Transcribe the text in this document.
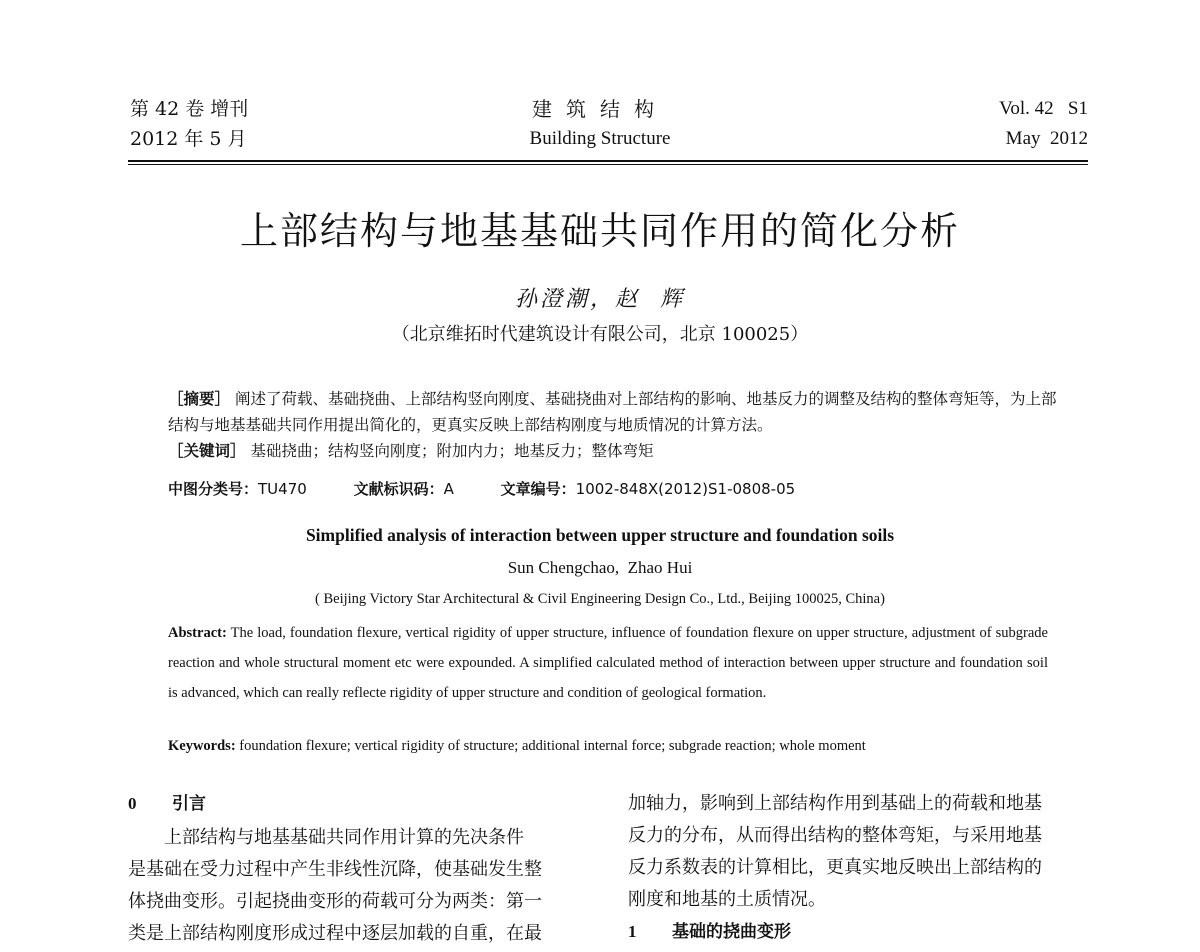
第 42 卷 增刊
2012 年 5 月
建筑结构
Building Structure
Vol. 42   S1
May  2012
上部结构与地基基础共同作用的简化分析
孙澄潮，赵  辉
（北京维拓时代建筑设计有限公司，北京 100025）
［摘要］ 阐述了荷载、基础挠曲、上部结构竖向刚度、基础挠曲对上部结构的影响、地基反力的调整及结构的整体弯矩等，为上部结构与地基基础共同作用提出简化的，更真实反映上部结构刚度与地质情况的计算方法。
［关键词］ 基础挠曲；结构竖向刚度；附加内力；地基反力；整体弯矩
中图分类号：TU470	文献标识码：A	文章编号：1002-848X(2012)S1-0808-05
Simplified analysis of interaction between upper structure and foundation soils
Sun Chengchao,  Zhao Hui
( Beijing Victory Star Architectural & Civil Engineering Design Co., Ltd., Beijing 100025, China)
Abstract: The load, foundation flexure, vertical rigidity of upper structure, influence of foundation flexure on upper structure, adjustment of subgrade reaction and whole structural moment etc were expounded. A simplified calculated method of interaction between upper structure and foundation soil is advanced, which can really reflecte rigidity of upper structure and condition of geological formation.
Keywords: foundation flexure; vertical rigidity of structure; additional internal force; subgrade reaction; whole moment
0 引言
上部结构与地基基础共同作用计算的先决条件
是基础在受力过程中产生非线性沉降，使基础发生整
体挠曲变形。引起挠曲变形的荷载可分为两类：第一
类是上部结构刚度形成过程中逐层加载的自重，在最
加轴力，影响到上部结构作用到基础上的荷载和地基
反力的分布，从而得出结构的整体弯矩，与采用地基
反力系数表的计算相比，更真实地反映出上部结构的
刚度和地基的土质情况。
1 基础的挠曲变形
